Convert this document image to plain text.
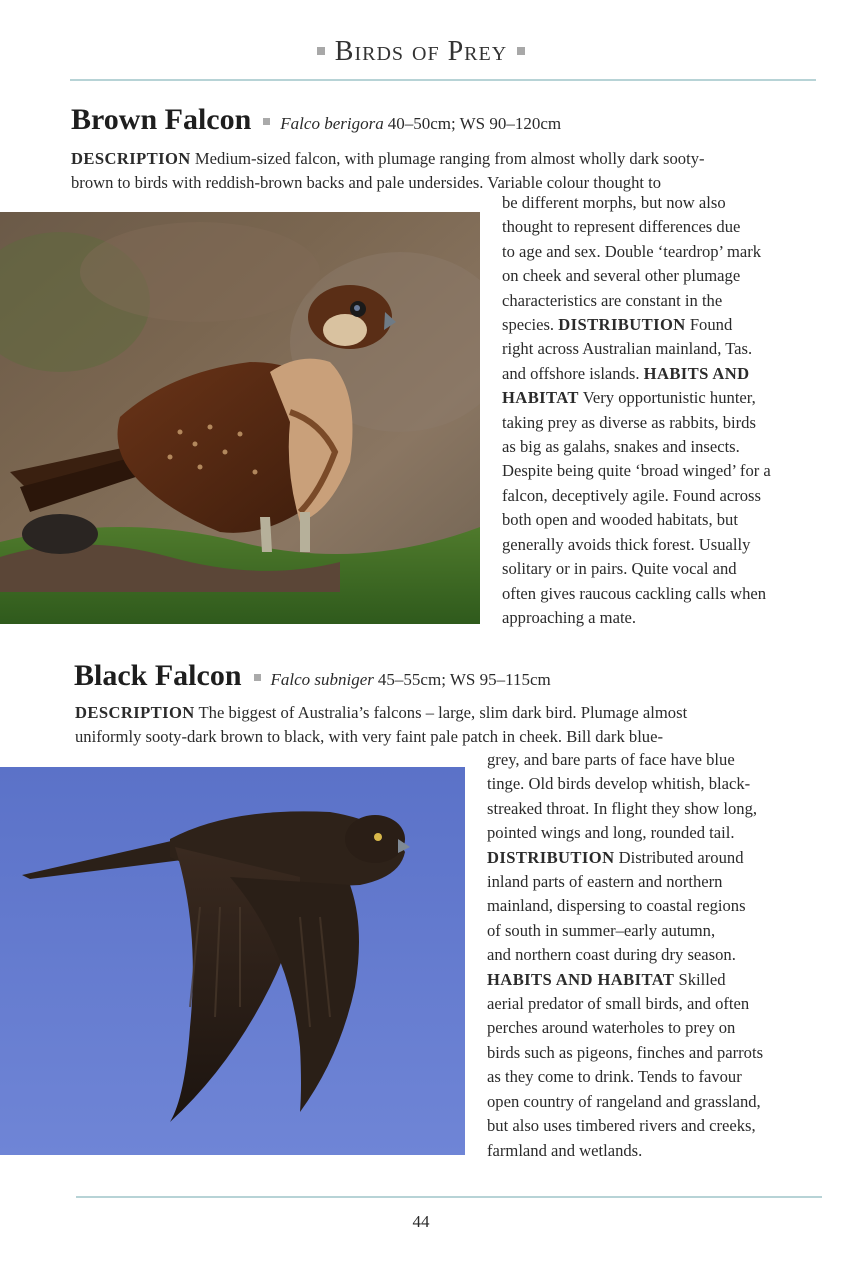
Birds of Prey
Brown Falcon Falco berigora 40–50cm; WS 90–120cm
DESCRIPTION Medium-sized falcon, with plumage ranging from almost wholly dark sooty-
brown to birds with reddish-brown backs and pale undersides. Variable colour thought to
be different morphs, but now also
thought to represent differences due
to age and sex. Double ‘teardrop’ mark
on cheek and several other plumage
characteristics are constant in the
species. DISTRIBUTION Found
right across Australian mainland, Tas.
and offshore islands. HABITS AND
HABITAT Very opportunistic hunter,
taking prey as diverse as rabbits, birds
as big as galahs, snakes and insects.
Despite being quite ‘broad winged’ for a
falcon, deceptively agile. Found across
both open and wooded habitats, but
generally avoids thick forest. Usually
solitary or in pairs. Quite vocal and
often gives raucous cackling calls when
approaching a mate.
Black Falcon Falco subniger 45–55cm; WS 95–115cm
DESCRIPTION The biggest of Australia’s falcons – large, slim dark bird. Plumage almost
uniformly sooty-dark brown to black, with very faint pale patch in cheek. Bill dark blue-
grey, and bare parts of face have blue
tinge. Old birds develop whitish, black-
streaked throat. In flight they show long,
pointed wings and long, rounded tail.
DISTRIBUTION Distributed around
inland parts of eastern and northern
mainland, dispersing to coastal regions
of south in summer–early autumn,
and northern coast during dry season.
HABITS AND HABITAT Skilled
aerial predator of small birds, and often
perches around waterholes to prey on
birds such as pigeons, finches and parrots
as they come to drink. Tends to favour
open country of rangeland and grassland,
but also uses timbered rivers and creeks,
farmland and wetlands.
44
